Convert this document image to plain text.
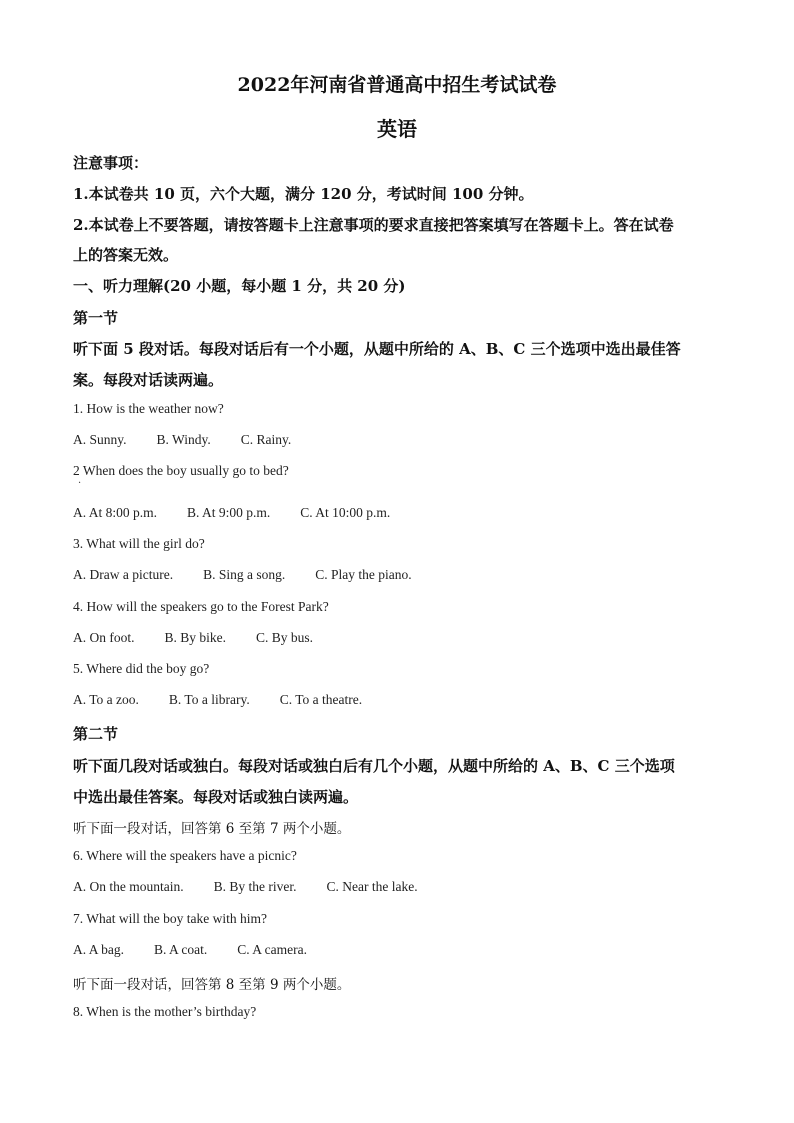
2022年河南省普通高中招生考试试卷
英语
注意事项：
1.本试卷共 10 页，六个大题，满分 120 分，考试时间 100 分钟。
2.本试卷上不要答题，请按答题卡上注意事项的要求直接把答案填写在答题卡上。答在试卷
上的答案无效。
一、听力理解(20 小题，每小题 1 分，共 20 分)
第一节
听下面 5 段对话。每段对话后有一个小题，从题中所给的 A、B、C 三个选项中选出最佳答
案。每段对话读两遍。
1. How is the weather now?
A. Sunny. B. Windy. C. Rainy.
2 When does the boy usually go to bed?
·
A. At 8:00 p.m. B. At 9:00 p.m. C. At 10:00 p.m.
3. What will the girl do?
A. Draw a picture. B. Sing a song. C. Play the piano.
4. How will the speakers go to the Forest Park?
A. On foot. B. By bike. C. By bus.
5. Where did the boy go?
A. To a zoo. B. To a library. C. To a theatre.
第二节
听下面几段对话或独白。每段对话或独白后有几个小题，从题中所给的 A、B、C 三个选项
中选出最佳答案。每段对话或独白读两遍。
听下面一段对话，回答第 6 至第 7 两个小题。
6. Where will the speakers have a picnic?
A. On the mountain. B. By the river. C. Near the lake.
7. What will the boy take with him?
A. A bag. B. A coat. C. A camera.
听下面一段对话，回答第 8 至第 9 两个小题。
8. When is the mother’s birthday?
